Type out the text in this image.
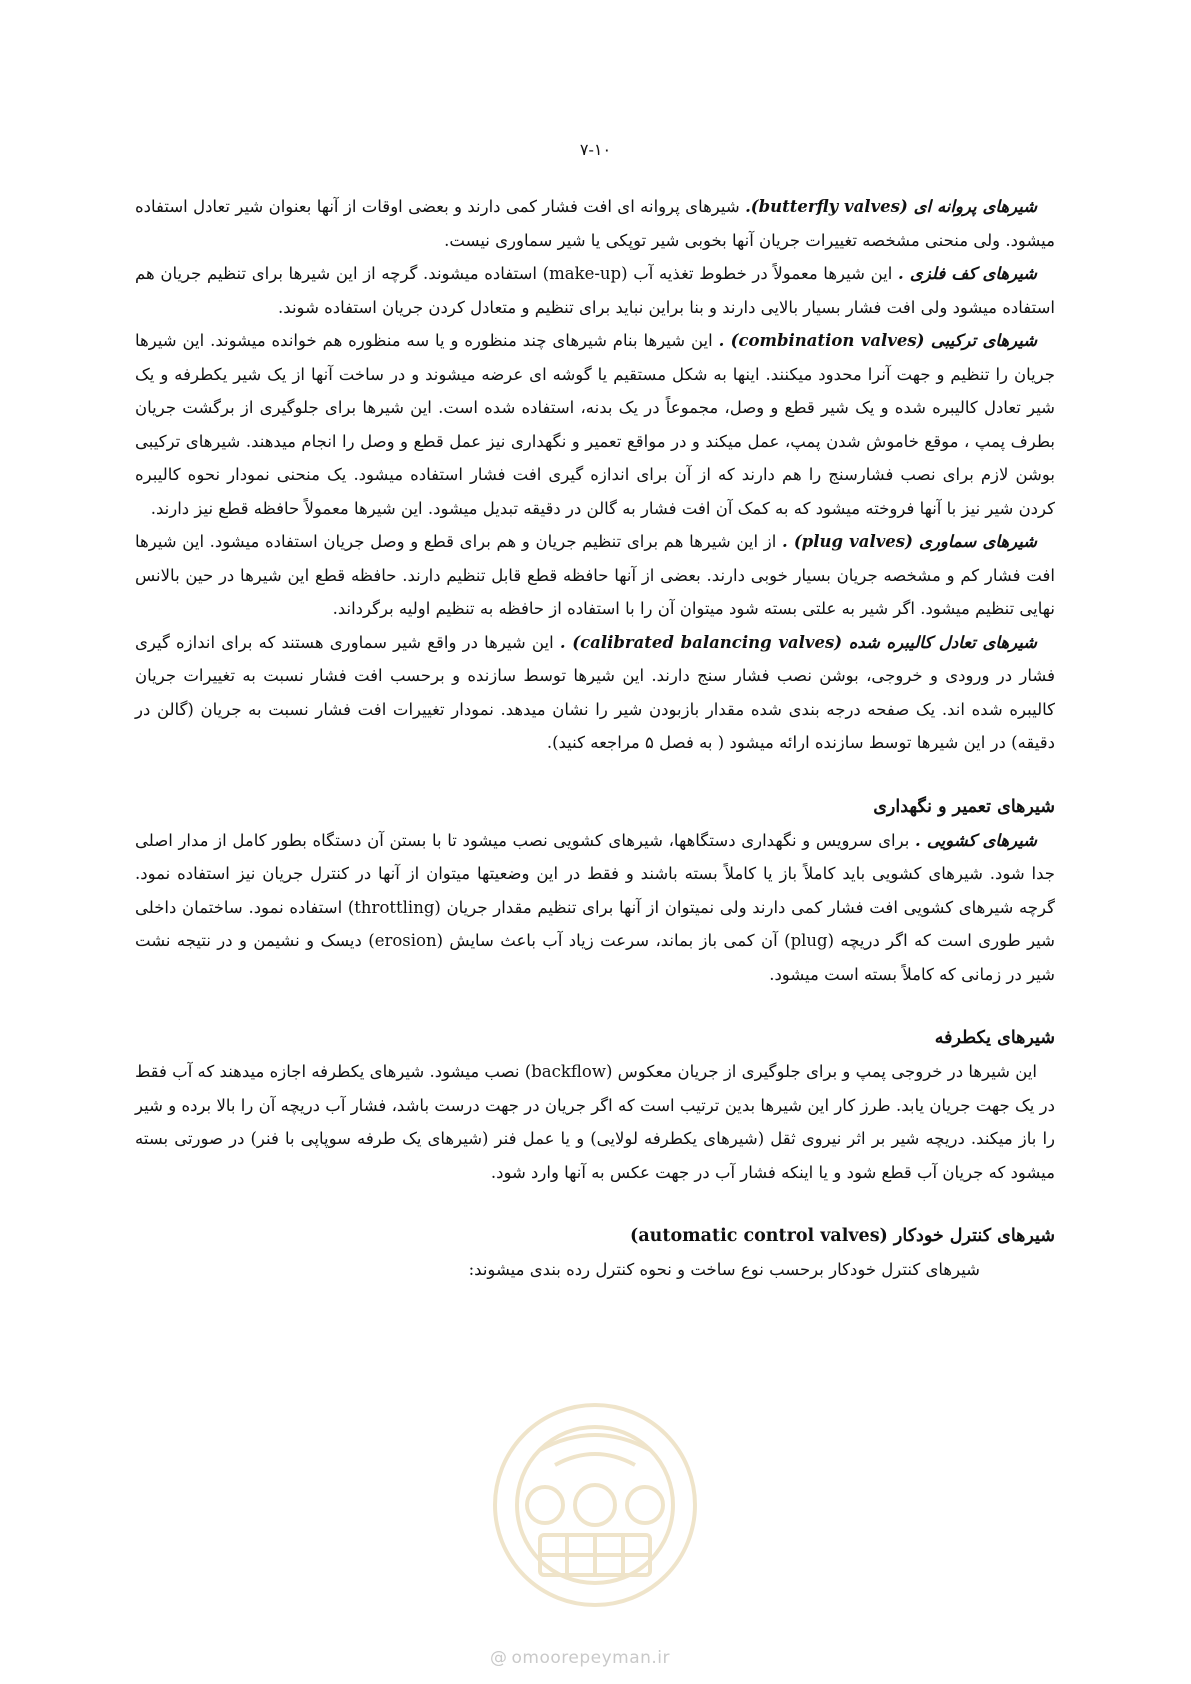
۷-۱۰

شیرهای پروانه ای (butterfly valves). شیرهای پروانه ای افت فشار کمی دارند و بعضی اوقات از آنها بعنوان شیر تعادل استفاده میشود. ولی منحنی مشخصه تغییرات جریان آنها بخوبی شیر توپکی یا شیر سماوری نیست.

شیرهای کف فلزی . این شیرها معمولاً در خطوط تغذیه آب (make-up) استفاده میشوند. گرچه از این شیرها برای تنظیم جریان هم استفاده میشود ولی افت فشار بسیار بالایی دارند و بنا براین نباید برای تنظیم و متعادل کردن جریان استفاده شوند.

شیرهای ترکیبی (combination valves) . این شیرها بنام شیرهای چند منظوره و یا سه منظوره هم خوانده میشوند. این شیرها جریان را تنظیم و جهت آنرا محدود میکنند. اینها به شکل مستقیم یا گوشه ای عرضه میشوند و در ساخت آنها از یک شیر یکطرفه و یک شیر تعادل کالیبره شده و یک شیر قطع و وصل، مجموعاً در یک بدنه، استفاده شده است. این شیرها برای جلوگیری از برگشت جریان بطرف پمپ ، موقع خاموش شدن پمپ، عمل میکند و در مواقع تعمیر و نگهداری نیز عمل قطع و وصل را انجام میدهند. شیرهای ترکیبی بوشن لازم برای نصب فشارسنج را هم دارند که از آن برای اندازه گیری افت فشار استفاده میشود. یک منحنی نمودار نحوه کالیبره کردن شیر نیز با آنها فروخته میشود که به کمک آن افت فشار به گالن در دقیقه تبدیل میشود. این شیرها معمولاً حافظه قطع نیز دارند.

شیرهای سماوری (plug valves) . از این شیرها هم برای تنظیم جریان و هم برای قطع و وصل جریان استفاده میشود. این شیرها افت فشار کم و مشخصه جریان بسیار خوبی دارند. بعضی از آنها حافظه قطع قابل تنظیم دارند. حافظه قطع این شیرها در حین بالانس نهایی تنظیم میشود. اگر شیر به علتی بسته شود میتوان آن را با استفاده از حافظه به تنظیم اولیه برگرداند.

شیرهای تعادل کالیبره شده (calibrated balancing valves) . این شیرها در واقع شیر سماوری هستند که برای اندازه گیری فشار در ورودی و خروجی، بوشن نصب فشار سنج دارند. این شیرها توسط سازنده و برحسب افت فشار نسبت به تغییرات جریان کالیبره شده اند. یک صفحه درجه بندی شده مقدار بازبودن شیر را نشان میدهد. نمودار تغییرات افت فشار نسبت به جریان (گالن در دقیقه) در این شیرها توسط سازنده ارائه میشود ( به فصل ۵ مراجعه کنید).

شیرهای تعمیر و نگهداری

شیرهای کشویی . برای سرویس و نگهداری دستگاهها، شیرهای کشویی نصب میشود تا با بستن آن دستگاه بطور کامل از مدار اصلی جدا شود. شیرهای کشویی باید کاملاً باز یا کاملاً بسته باشند و فقط در این وضعیتها میتوان از آنها در کنترل جریان نیز استفاده نمود. گرچه شیرهای کشویی افت فشار کمی دارند ولی نمیتوان از آنها برای تنظیم مقدار جریان (throttling) استفاده نمود. ساختمان داخلی شیر طوری است که اگر دریچه (plug) آن کمی باز بماند، سرعت زیاد آب باعث سایش (erosion) دیسک و نشیمن و در نتیجه نشت شیر در زمانی که کاملاً بسته است میشود.

شیرهای یکطرفه

این شیرها در خروجی پمپ و برای جلوگیری از جریان معکوس (backflow) نصب میشود. شیرهای یکطرفه اجازه میدهند که آب فقط در یک جهت جریان یابد. طرز کار این شیرها بدین ترتیب است که اگر جریان در جهت درست باشد، فشار آب دریچه آن را بالا برده و شیر را باز میکند. دریچه شیر بر اثر نیروی ثقل (شیرهای یکطرفه لولایی) و یا عمل فنر (شیرهای یک طرفه سوپاپی با فنر) در صورتی بسته میشود که جریان آب قطع شود و یا اینکه فشار آب در جهت عکس به آنها وارد شود.

شیرهای کنترل خودکار (automatic control valves)

شیرهای کنترل خودکار برحسب نوع ساخت و نحوه کنترل رده بندی میشوند:

@ omoorepeyman.ir
